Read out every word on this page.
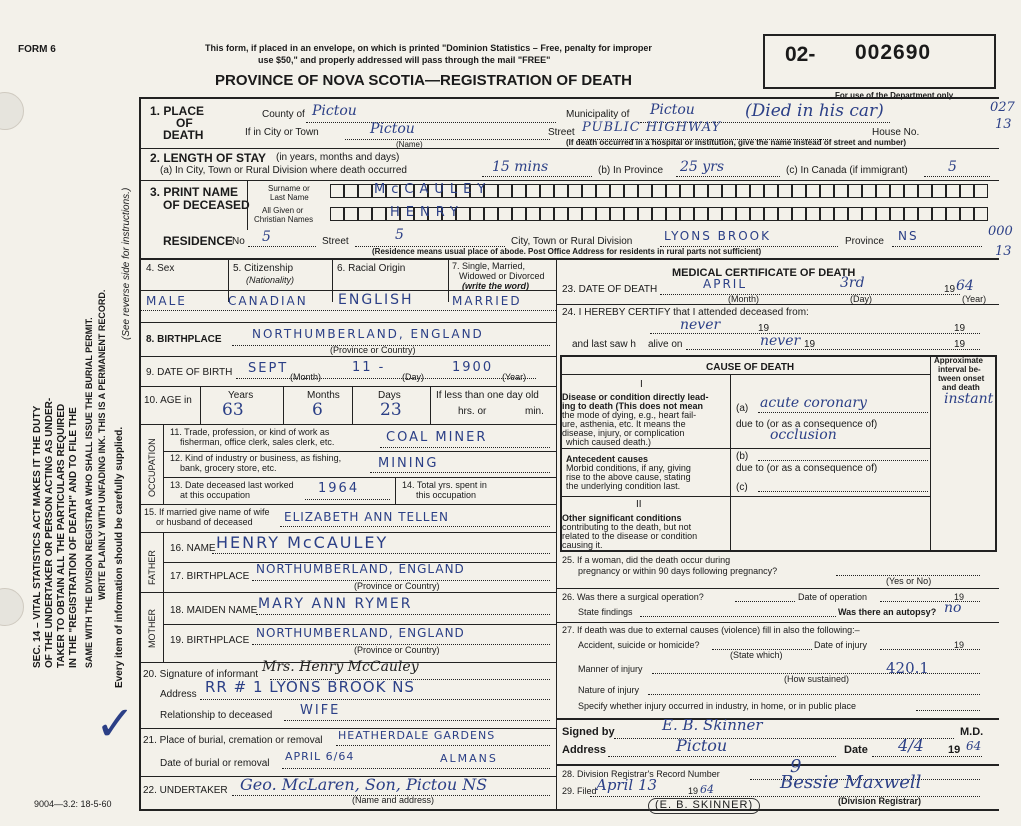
FORM 6	This form, if placed in an envelope, on which is printed "Dominion Statistics – Free, penalty for improper
use $50," and properly addressed will pass through the mail "FREE"
PROVINCE OF NOVA SCOTIA—REGISTRATION OF DEATH
02- 002690
For use of the Department only
027
13
000
13
SEC. 14 – VITAL STATISTICS ACT MAKES IT THE DUTY OF THE UNDERTAKER OR PERSON ACTING AS UNDER- TAKER TO OBTAIN ALL THE PARTICULARS REQUIRED IN THE "REGISTRATION OF DEATH" AND TO FILE THE SAME WITH THE DIVISION REGISTRAR WHO SHALL ISSUE THE BURIAL PERMIT. WRITE PLAINLY WITH UNFADING INK. THIS IS A PERMANENT RECORD. Every item of information should be carefully supplied.
(See reverse side for instructions.)
✓
1. PLACE
OF
DEATH
County of Pictou	Municipality of Pictou	(Died in his car)
If in City or Town	Pictou
(Name)
Street PUBLIC HIGHWAY	House No.
(If death occurred in a hospital or institution, give the name instead of street and number)
2. LENGTH OF STAY (in years, months and days)
(a) In City, Town or Rural Division where death occurred	15 mins	(b) In Province 25 yrs	(c) In Canada (if immigrant)	5
3. PRINT NAME
OF DECEASED
Surname or
Last Name
All Given or
Christian Names
McCAULEY
HENRY
RESIDENCE
No 5	Street	5	City, Town or Rural Division	LYONS BROOK	Province NS
(Residence means usual place of abode. Post Office Address for residents in rural parts not sufficient)
4. Sex	5. Citizenship
(Nationality)
6. Racial Origin	7. Single, Married,
Widowed or Divorced
(write the word)
MALE	CANADIAN ENGLISH	MARRIED
8. BIRTHPLACE	NORTHUMBERLAND, ENGLAND
(Province or Country)
9. DATE OF BIRTH SEPT	11 -	1900
(Month)	(Day)	(Year)
10. AGE in	Years	Months	Days
63	6	23
If less than one day old
hrs. or	min.
OCCUPATION
11. Trade, profession, or kind of work as
fisherman, office clerk, sales clerk, etc.	COAL MINER
12. Kind of industry or business, as fishing,
bank, grocery store, etc.	MINING
13. Date deceased last worked
at this occupation	1964	14. Total yrs. spent in
this occupation
15. If married give name of wife
or husband of deceased	ELIZABETH ANN TELLEN
FATHER
16. NAME HENRY McCAULEY
17. BIRTHPLACE
NORTHUMBERLAND, ENGLAND
(Province or Country)
MOTHER 18. MAIDEN NAME MARY ANN RYMER
19. BIRTHPLACE
NORTHUMBERLAND, ENGLAND
(Province or Country)
20. Signature of informant Mrs. Henry McCauley
Address RR # 1 LYONS BROOK NS
Relationship to deceased WIFE
21. Place of burial, cremation or removal HEATHERDALE GARDENS
Date of burial or removal
APRIL 6/64	ALMANS
22. UNDERTAKER Geo. McLaren, Son, Pictou NS
(Name and address)
9004—3.2: 18-5-60
MEDICAL CERTIFICATE OF DEATH
23. DATE OF DEATH	APRIL	3rd	19 64
(Month)	(Day)	(Year)
24. I HEREBY CERTIFY that I attended deceased from:
never	19	19
and last saw h alive on	never 19	19
CAUSE OF DEATH
Approximate
interval be-
tween onset
and death
I
Disease or condition directly lead-
ing to death (This does not mean
the mode of dying, e.g., heart fail-
ure, asthenia, etc. It means the
disease, injury, or complication
which caused death.)
(a) acute coronary	instant
due to (or as a consequence of)
occlusion
(b)
due to (or as a consequence of)
(c)
Antecedent causes
Morbid conditions, if any, giving
rise to the above cause, stating
the underlying condition last.
II
Other significant conditions
contributing to the death, but not
related to the disease or condition
causing it.
25. If a woman, did the death occur during
pregnancy or within 90 days following pregnancy?
(Yes or No)
26. Was there a surgical operation?	Date of operation	19
State findings	Was there an autopsy? no
27. If death was due to external causes (violence) fill in also the following:–
Accident, suicide or homicide?
(State which)
Date of injury	19
Manner of injury	420.1
(How sustained)
Nature of injury
Specify whether injury occurred in industry, in home, or in public place
Signed by	E. B. Skinner	M.D.
Address	Pictou	Date 4/4 19 64
28. Division Registrar's Record Number	9
29. Filed April 13	19 64	Bessie Maxwell
(Division Registrar)
(E. B. SKINNER)
